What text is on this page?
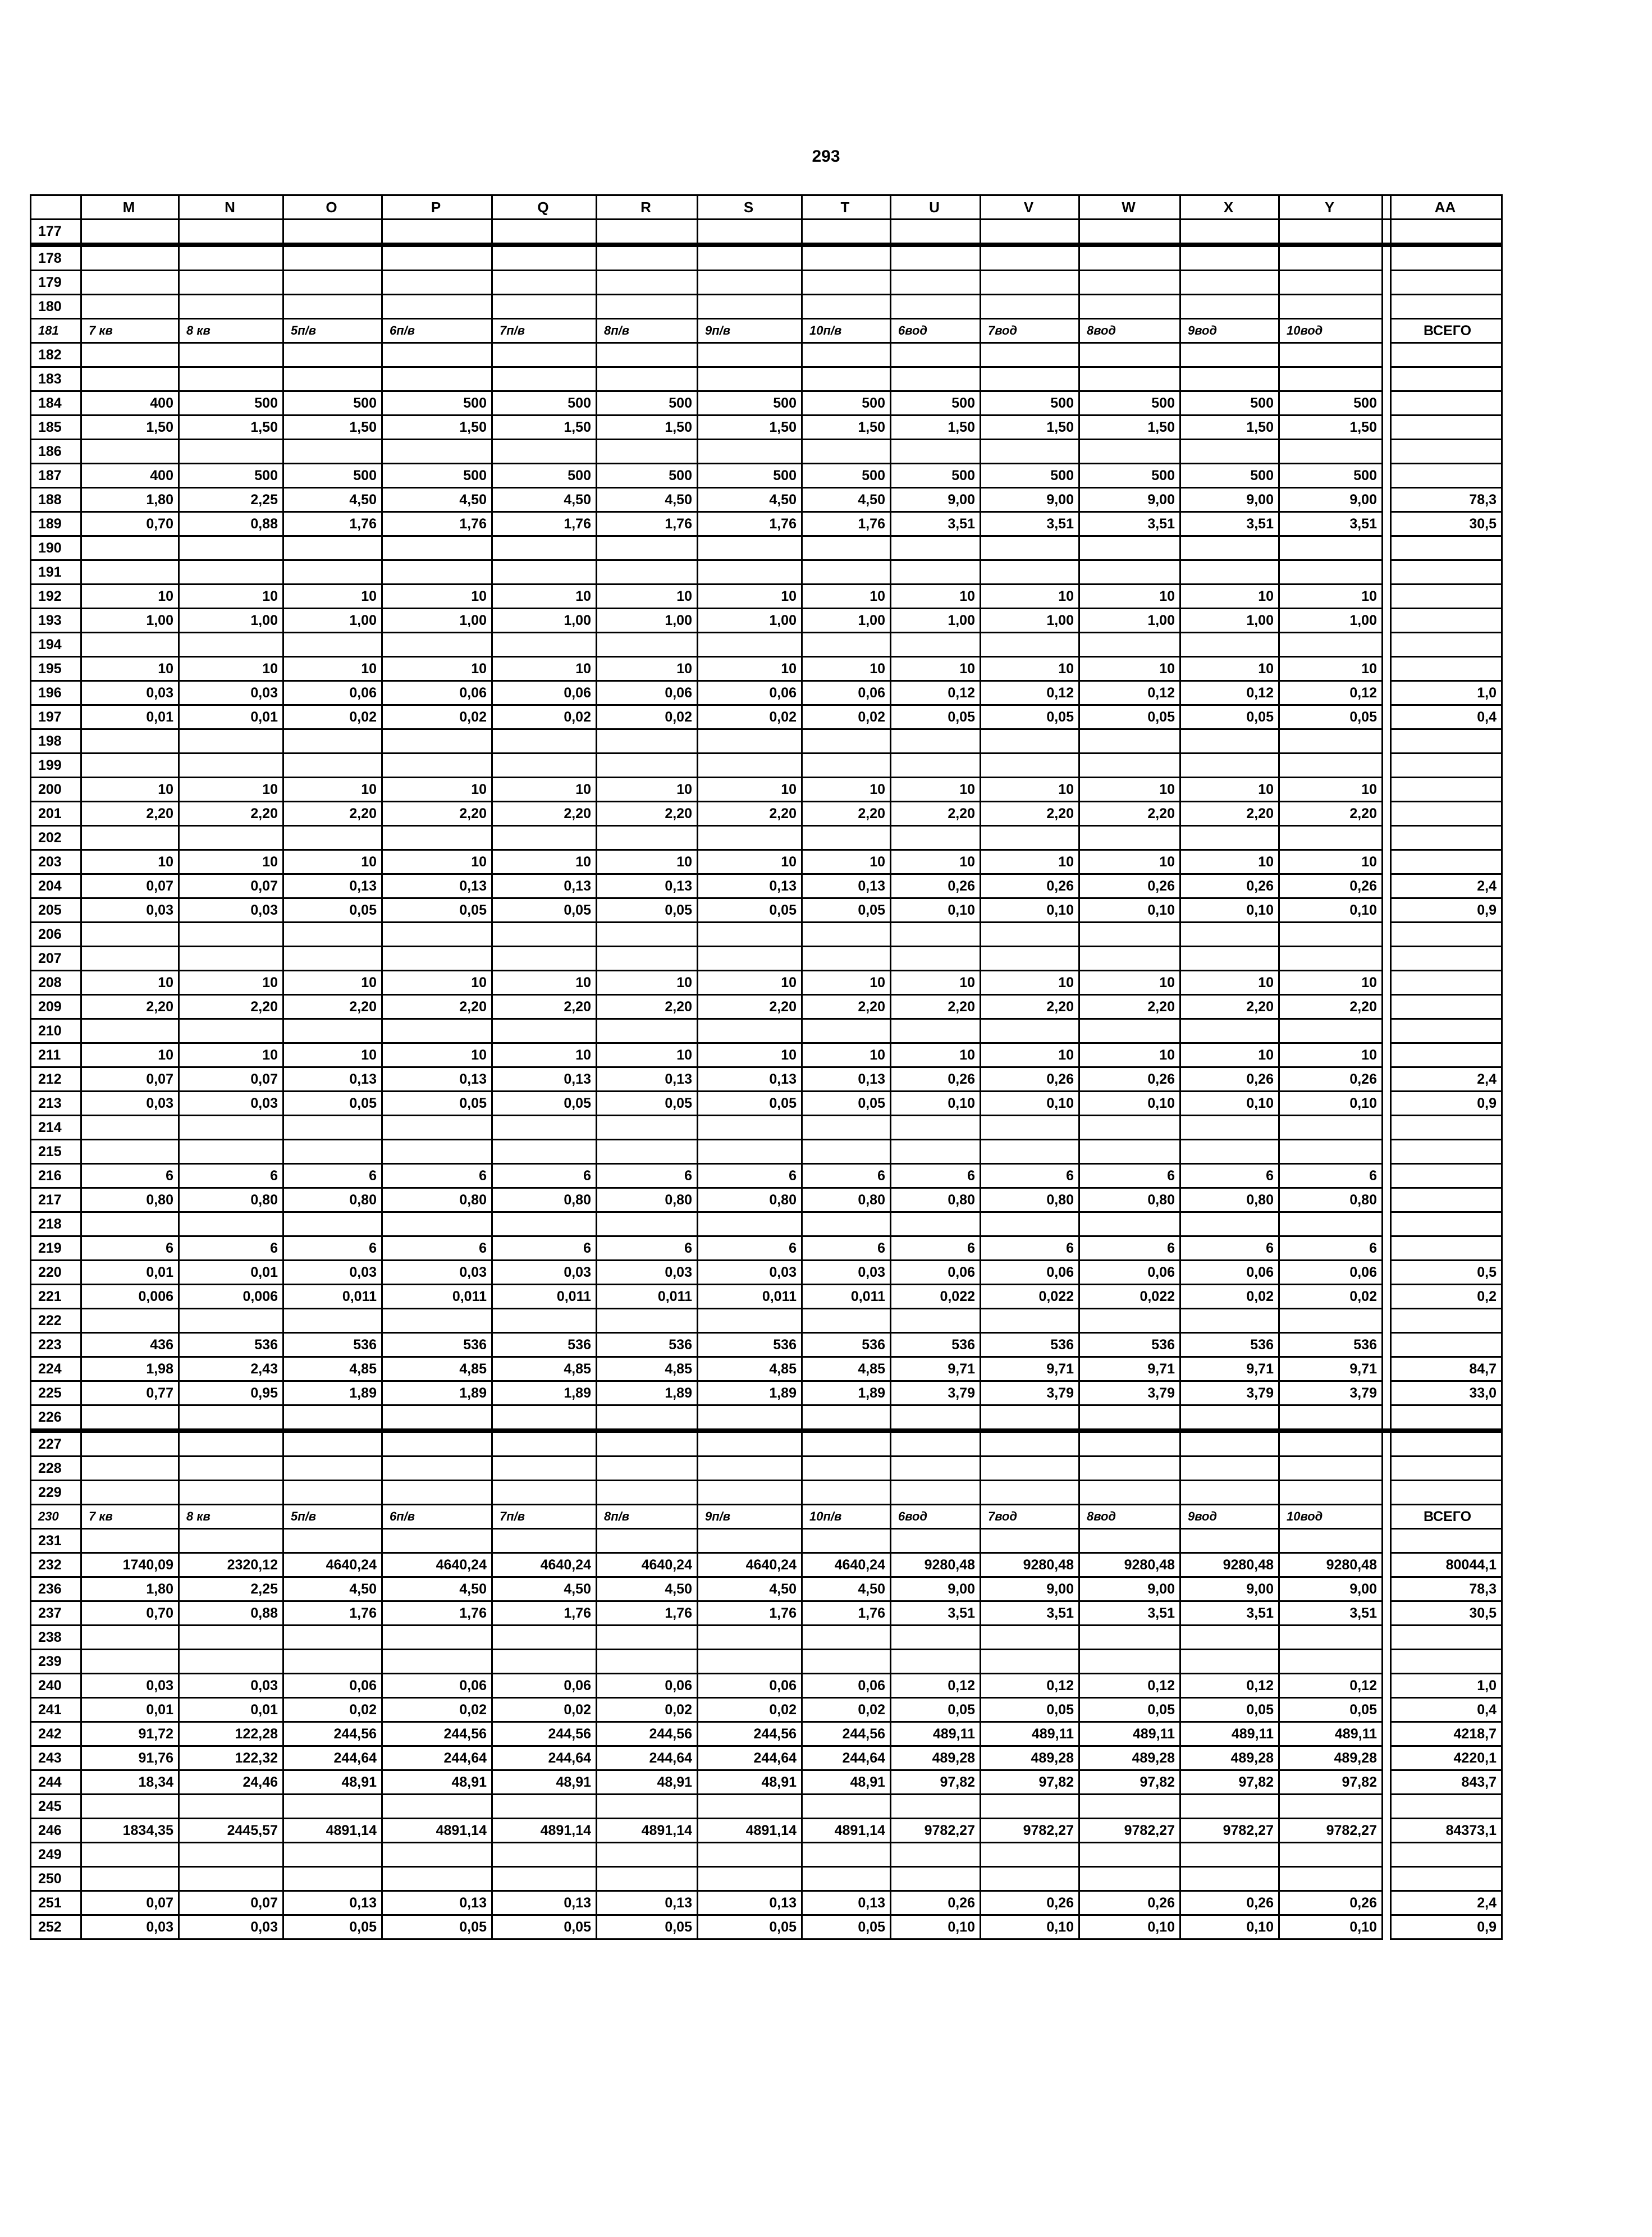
293
	M	N	O	P	Q	R	S	T	U	V	W	X	Y		AA
177															
178															
179															
180															
181	7 кв	8 кв	5п/в	6п/в	7п/в	8п/в	9п/в	10п/в	6вод	7вод	8вод	9вод	10вод		ВСЕГО
182															
183															
184	400	500	500	500	500	500	500	500	500	500	500	500	500		
185	1,50	1,50	1,50	1,50	1,50	1,50	1,50	1,50	1,50	1,50	1,50	1,50	1,50		
186															
187	400	500	500	500	500	500	500	500	500	500	500	500	500		
188	1,80	2,25	4,50	4,50	4,50	4,50	4,50	4,50	9,00	9,00	9,00	9,00	9,00		78,3
189	0,70	0,88	1,76	1,76	1,76	1,76	1,76	1,76	3,51	3,51	3,51	3,51	3,51		30,5
190															
191															
192	10	10	10	10	10	10	10	10	10	10	10	10	10		
193	1,00	1,00	1,00	1,00	1,00	1,00	1,00	1,00	1,00	1,00	1,00	1,00	1,00		
194															
195	10	10	10	10	10	10	10	10	10	10	10	10	10		
196	0,03	0,03	0,06	0,06	0,06	0,06	0,06	0,06	0,12	0,12	0,12	0,12	0,12		1,0
197	0,01	0,01	0,02	0,02	0,02	0,02	0,02	0,02	0,05	0,05	0,05	0,05	0,05		0,4
198															
199															
200	10	10	10	10	10	10	10	10	10	10	10	10	10		
201	2,20	2,20	2,20	2,20	2,20	2,20	2,20	2,20	2,20	2,20	2,20	2,20	2,20		
202															
203	10	10	10	10	10	10	10	10	10	10	10	10	10		
204	0,07	0,07	0,13	0,13	0,13	0,13	0,13	0,13	0,26	0,26	0,26	0,26	0,26		2,4
205	0,03	0,03	0,05	0,05	0,05	0,05	0,05	0,05	0,10	0,10	0,10	0,10	0,10		0,9
206															
207															
208	10	10	10	10	10	10	10	10	10	10	10	10	10		
209	2,20	2,20	2,20	2,20	2,20	2,20	2,20	2,20	2,20	2,20	2,20	2,20	2,20		
210															
211	10	10	10	10	10	10	10	10	10	10	10	10	10		
212	0,07	0,07	0,13	0,13	0,13	0,13	0,13	0,13	0,26	0,26	0,26	0,26	0,26		2,4
213	0,03	0,03	0,05	0,05	0,05	0,05	0,05	0,05	0,10	0,10	0,10	0,10	0,10		0,9
214															
215															
216	6	6	6	6	6	6	6	6	6	6	6	6	6		
217	0,80	0,80	0,80	0,80	0,80	0,80	0,80	0,80	0,80	0,80	0,80	0,80	0,80		
218															
219	6	6	6	6	6	6	6	6	6	6	6	6	6		
220	0,01	0,01	0,03	0,03	0,03	0,03	0,03	0,03	0,06	0,06	0,06	0,06	0,06		0,5
221	0,006	0,006	0,011	0,011	0,011	0,011	0,011	0,011	0,022	0,022	0,022	0,02	0,02		0,2
222															
223	436	536	536	536	536	536	536	536	536	536	536	536	536		
224	1,98	2,43	4,85	4,85	4,85	4,85	4,85	4,85	9,71	9,71	9,71	9,71	9,71		84,7
225	0,77	0,95	1,89	1,89	1,89	1,89	1,89	1,89	3,79	3,79	3,79	3,79	3,79		33,0
226															
227															
228															
229															
230	7 кв	8 кв	5п/в	6п/в	7п/в	8п/в	9п/в	10п/в	6вод	7вод	8вод	9вод	10вод		ВСЕГО
231															
232	1740,09	2320,12	4640,24	4640,24	4640,24	4640,24	4640,24	4640,24	9280,48	9280,48	9280,48	9280,48	9280,48		80044,1
236	1,80	2,25	4,50	4,50	4,50	4,50	4,50	4,50	9,00	9,00	9,00	9,00	9,00		78,3
237	0,70	0,88	1,76	1,76	1,76	1,76	1,76	1,76	3,51	3,51	3,51	3,51	3,51		30,5
238															
239															
240	0,03	0,03	0,06	0,06	0,06	0,06	0,06	0,06	0,12	0,12	0,12	0,12	0,12		1,0
241	0,01	0,01	0,02	0,02	0,02	0,02	0,02	0,02	0,05	0,05	0,05	0,05	0,05		0,4
242	91,72	122,28	244,56	244,56	244,56	244,56	244,56	244,56	489,11	489,11	489,11	489,11	489,11		4218,7
243	91,76	122,32	244,64	244,64	244,64	244,64	244,64	244,64	489,28	489,28	489,28	489,28	489,28		4220,1
244	18,34	24,46	48,91	48,91	48,91	48,91	48,91	48,91	97,82	97,82	97,82	97,82	97,82		843,7
245															
246	1834,35	2445,57	4891,14	4891,14	4891,14	4891,14	4891,14	4891,14	9782,27	9782,27	9782,27	9782,27	9782,27		84373,1
249															
250															
251	0,07	0,07	0,13	0,13	0,13	0,13	0,13	0,13	0,26	0,26	0,26	0,26	0,26		2,4
252	0,03	0,03	0,05	0,05	0,05	0,05	0,05	0,05	0,10	0,10	0,10	0,10	0,10		0,9
